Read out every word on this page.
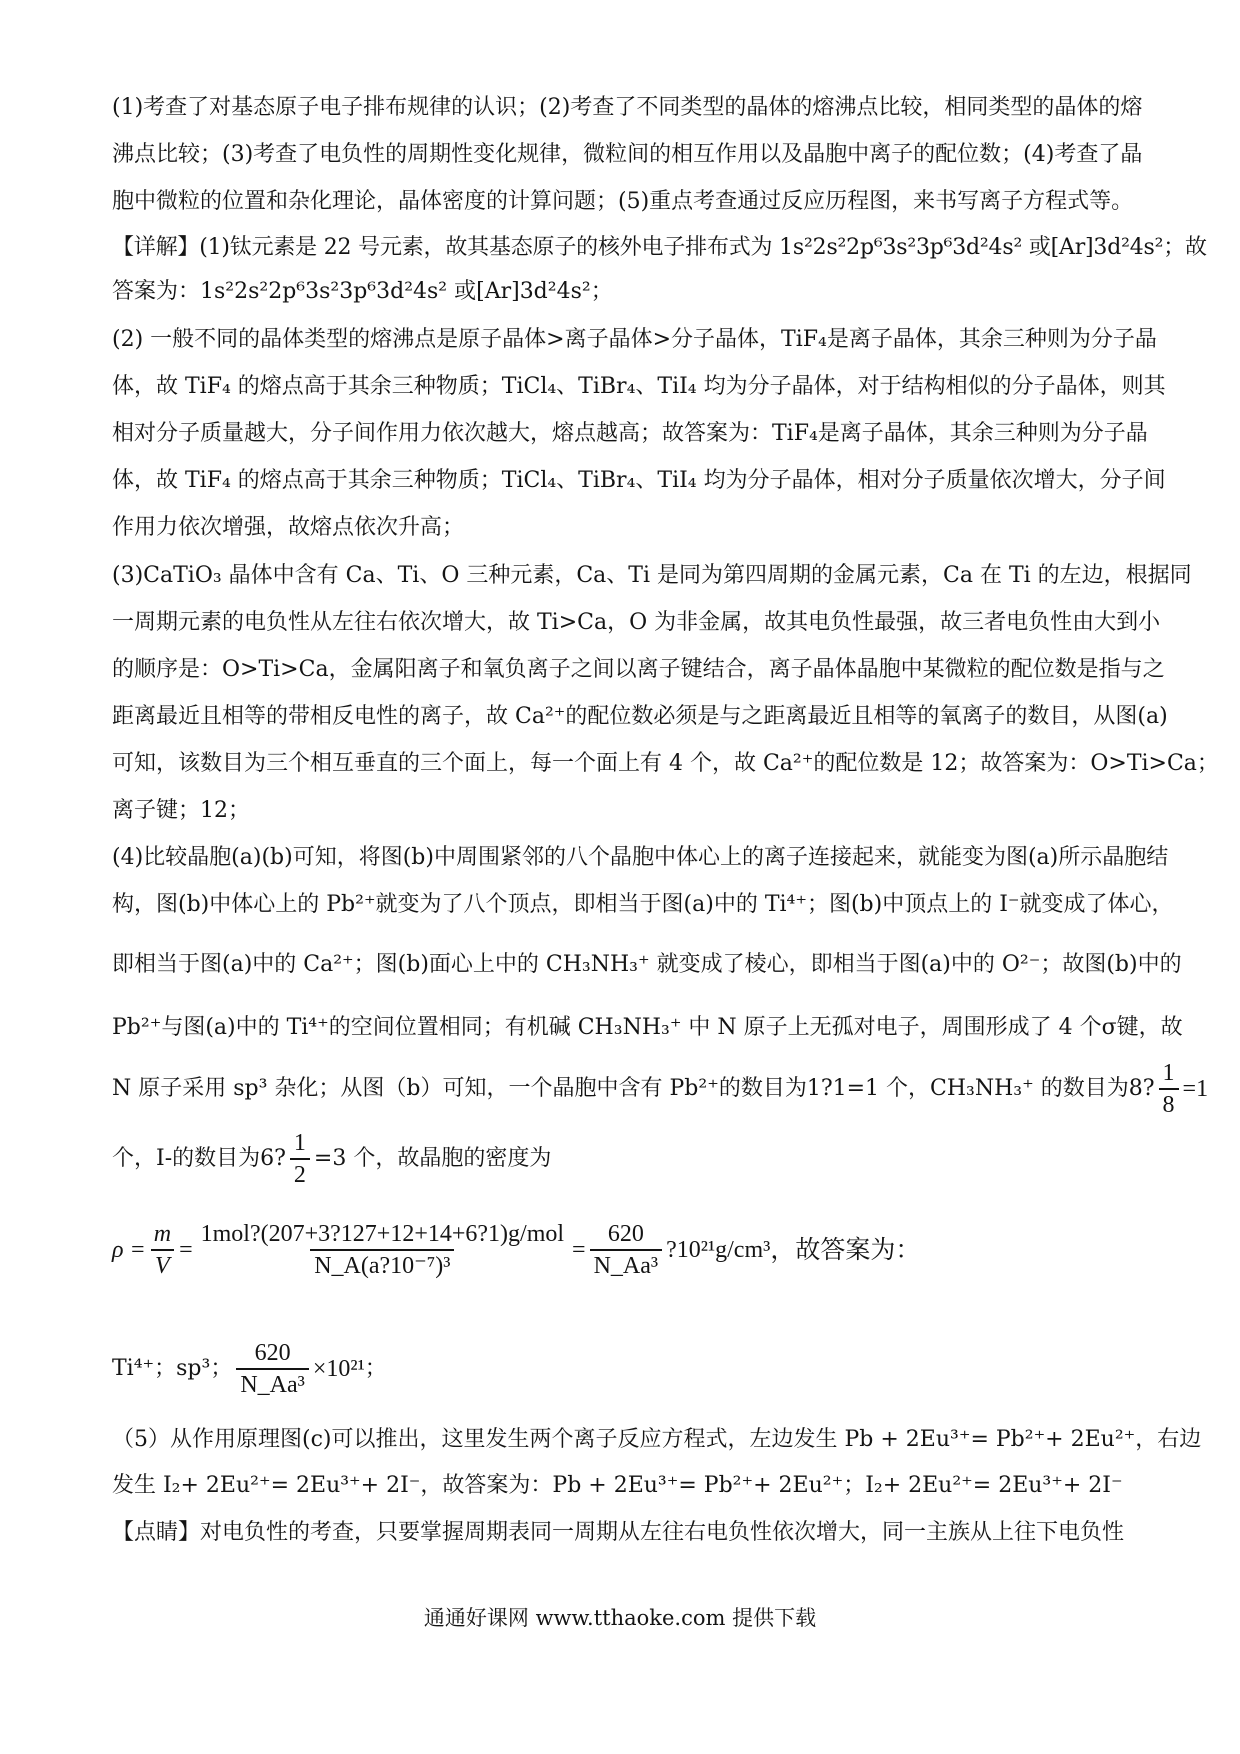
(1)考查了对基态原子电子排布规律的认识；(2)考查了不同类型的晶体的熔沸点比较，相同类型的晶体的熔
沸点比较；(3)考查了电负性的周期性变化规律，微粒间的相互作用以及晶胞中离子的配位数；(4)考查了晶
胞中微粒的位置和杂化理论，晶体密度的计算问题；(5)重点考查通过反应历程图，来书写离子方程式等。
【详解】(1)钛元素是 22 号元素，故其基态原子的核外电子排布式为 1s²2s²2p⁶3s²3p⁶3d²4s² 或[Ar]3d²4s²；故
答案为：1s²2s²2p⁶3s²3p⁶3d²4s² 或[Ar]3d²4s²；
(2) 一般不同的晶体类型的熔沸点是原子晶体>离子晶体>分子晶体，TiF₄是离子晶体，其余三种则为分子晶
体，故 TiF₄ 的熔点高于其余三种物质；TiCl₄、TiBr₄、TiI₄ 均为分子晶体，对于结构相似的分子晶体，则其
相对分子质量越大，分子间作用力依次越大，熔点越高；故答案为：TiF₄是离子晶体，其余三种则为分子晶
体，故 TiF₄ 的熔点高于其余三种物质；TiCl₄、TiBr₄、TiI₄ 均为分子晶体，相对分子质量依次增大，分子间
作用力依次增强，故熔点依次升高；
(3)CaTiO₃ 晶体中含有 Ca、Ti、O 三种元素，Ca、Ti 是同为第四周期的金属元素，Ca 在 Ti 的左边，根据同
一周期元素的电负性从左往右依次增大，故 Ti>Ca，O 为非金属，故其电负性最强，故三者电负性由大到小
的顺序是：O>Ti>Ca，金属阳离子和氧负离子之间以离子键结合，离子晶体晶胞中某微粒的配位数是指与之
距离最近且相等的带相反电性的离子，故 Ca²⁺的配位数必须是与之距离最近且相等的氧离子的数目，从图(a)
可知，该数目为三个相互垂直的三个面上，每一个面上有 4 个，故 Ca²⁺的配位数是 12；故答案为：O>Ti>Ca；
离子键；12；
(4)比较晶胞(a)(b)可知，将图(b)中周围紧邻的八个晶胞中体心上的离子连接起来，就能变为图(a)所示晶胞结
构，图(b)中体心上的 Pb²⁺就变为了八个顶点，即相当于图(a)中的 Ti⁴⁺；图(b)中顶点上的 I⁻就变成了体心，
即相当于图(a)中的 Ca²⁺；图(b)面心上中的 CH₃NH₃⁺ 就变成了棱心，即相当于图(a)中的 O²⁻；故图(b)中的
Pb²⁺与图(a)中的 Ti⁴⁺的空间位置相同；有机碱 CH₃NH₃⁺ 中 N 原子上无孤对电子，周围形成了 4 个σ键，故
N 原子采用 sp³ 杂化；从图（b）可知，一个晶胞中含有 Pb²⁺的数目为1?1=1 个，CH₃NH₃⁺ 的数目为8? $\frac{1}{8} =1$
个，I-的数目为6? $\frac{1}{2} =3$ 个，故晶胞的密度为
$\rho = \frac{m}{V} = \frac{\text{1mol?(207+3?127+12+14+6?1)g/mol}}{\text{N\_A(a?10⁻⁷)³}} = \frac{620}{\text{N\_Aa³}}$ ?10²¹g/cm³ ，故答案为：
Ti⁴⁺；sp³； $\frac{620}{\text{N\_Aa³}} \times 10^{21}$ ；
（5）从作用原理图(c)可以推出，这里发生两个离子反应方程式，左边发生 Pb + 2Eu³⁺= Pb²⁺+ 2Eu²⁺，右边
发生 I₂+ 2Eu²⁺= 2Eu³⁺+ 2I⁻，故答案为：Pb + 2Eu³⁺= Pb²⁺+ 2Eu²⁺；I₂+ 2Eu²⁺= 2Eu³⁺+ 2I⁻
【点睛】对电负性的考查，只要掌握周期表同一周期从左往右电负性依次增大，同一主族从上往下电负性
通通好课网 www.tthaoke.com 提供下载
